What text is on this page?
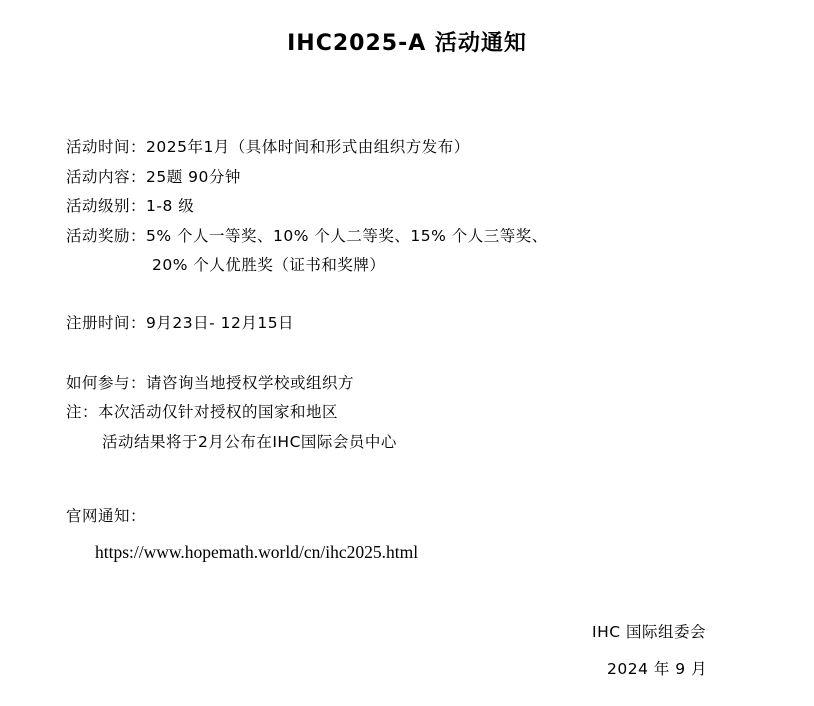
IHC2025-A 活动通知
活动时间：2025年1月（具体时间和形式由组织方发布）
活动内容：25题 90分钟
活动级别：1-8 级
活动奖励：5% 个人一等奖、10% 个人二等奖、15% 个人三等奖、
20% 个人优胜奖（证书和奖牌）
注册时间：9月23日- 12月15日
如何参与：请咨询当地授权学校或组织方
注：本次活动仅针对授权的国家和地区
活动结果将于2月公布在IHC国际会员中心
官网通知：
https://www.hopemath.world/cn/ihc2025.html
IHC 国际组委会
2024 年 9 月
